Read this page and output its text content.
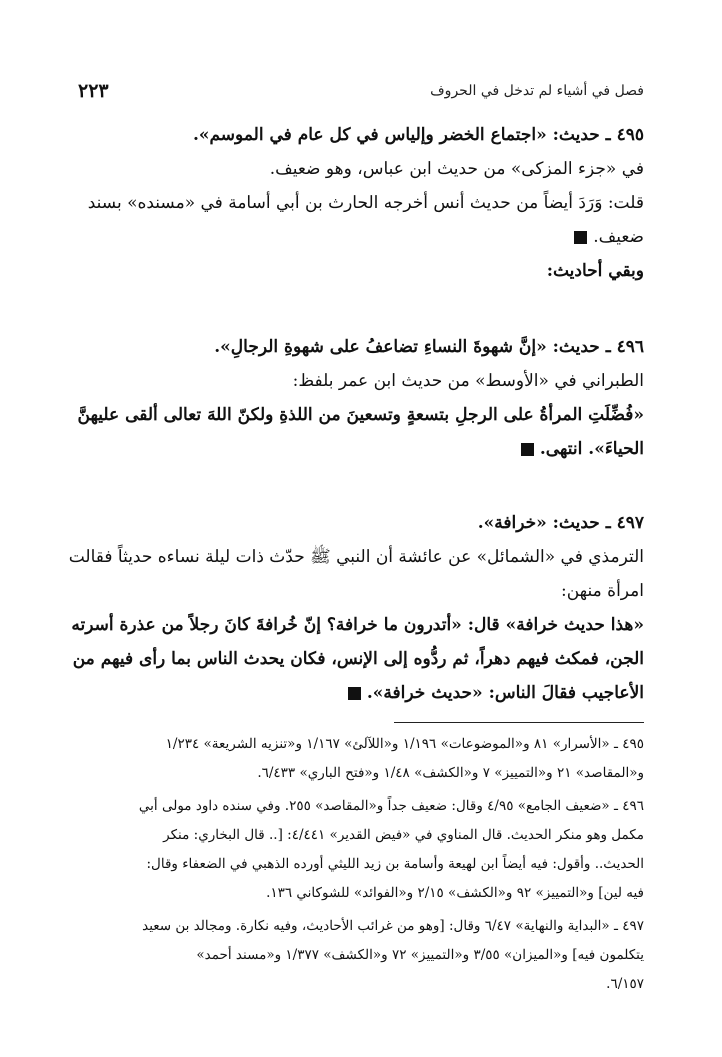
فصل في أشياء لم تدخل في الحروف
٢٢٣
٤٩٥ ـ حديث: «اجتماع الخضر وإلياس في كل عام في الموسم».
في «جزء المزكى» من حديث ابن عباس، وهو ضعيف.
قلت: وَرَدَ أيضاً من حديث أنس أخرجه الحارث بن أبي أسامة في «مسنده» بسند
ضعيف.
وبقي أحاديث:
٤٩٦ ـ حديث: «إنَّ شهوةَ النساءِ تضاعفُ على شهوةِ الرجالِ».
الطبراني في «الأوسط» من حديث ابن عمر بلفظ:
«فُضِّلَتِ المرأةُ على الرجلِ بتسعةٍ وتسعينَ من اللذةِ ولكنّ اللهَ تعالى ألقى عليهنَّ
الحياءَ». انتهى.
٤٩٧ ـ حديث: «خرافة».
الترمذي في «الشمائل» عن عائشة أن النبي ﷺ حدّث ذات ليلة نساءه حديثاً فقالت
امرأة منهن:
«هذا حديث خرافة» قال: «أتدرون ما خرافة؟ إنّ خُرافةَ كانَ رجلاً من عذرة أسرته
الجن، فمكث فيهم دهراً، ثم ردُّوه إلى الإنس، فكان يحدث الناس بما رأى فيهم من
الأعاجيب فقالَ الناس: «حديث خرافة».
٤٩٥ ـ «الأسرار» ٨١ و«الموضوعات» ١/١٩٦ و«اللآلئ» ١/١٦٧ و«تنزيه الشريعة» ١/٢٣٤
و«المقاصد» ٢١ و«التمييز» ٧ و«الكشف» ١/٤٨ و«فتح الباري» ٦/٤٣٣.
٤٩٦ ـ «ضعيف الجامع» ٤/٩٥ وقال: ضعيف جداً و«المقاصد» ٢٥٥. وفي سنده داود مولى أبي
مكمل وهو منكر الحديث. قال المناوي في «فيض القدير» ٤/٤٤١: [.. قال البخاري: منكر
الحديث.. وأقول: فيه أيضاً ابن لهيعة وأسامة بن زيد الليثي أورده الذهبي في الضعفاء وقال:
فيه لين] و«التمييز» ٩٢ و«الكشف» ٢/١٥ و«الفوائد» للشوكاني ١٣٦.
٤٩٧ ـ «البداية والنهاية» ٦/٤٧ وقال: [وهو من غرائب الأحاديث، وفيه نكارة. ومجالد بن سعيد
يتكلمون فيه] و«الميزان» ٣/٥٥ و«التمييز» ٧٢ و«الكشف» ١/٣٧٧ و«مسند أحمد»
٦/١٥٧.
